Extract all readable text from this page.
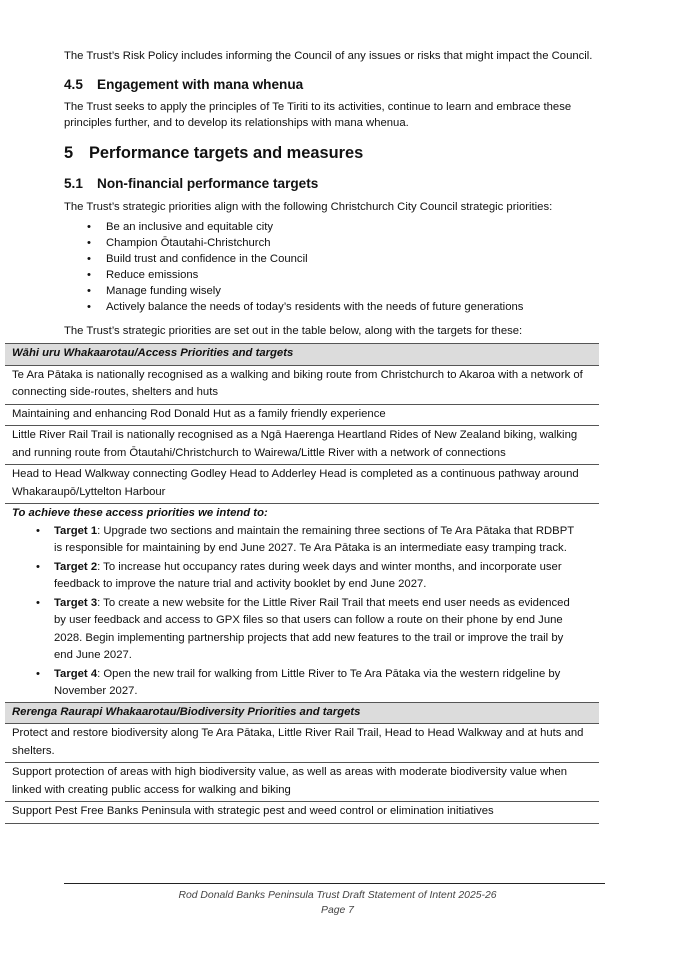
The Trust’s Risk Policy includes informing the Council of any issues or risks that might impact the Council.

4.5 Engagement with mana whenua

The Trust seeks to apply the principles of Te Tiriti to its activities, continue to learn and embrace these principles further, and to develop its relationships with mana whenua.

5 Performance targets and measures
5.1 Non-financial performance targets

The Trust’s strategic priorities align with the following Christchurch City Council strategic priorities:

• Be an inclusive and equitable city
• Champion Ōtautahi-Christchurch
• Build trust and confidence in the Council
• Reduce emissions
• Manage funding wisely
• Actively balance the needs of today’s residents with the needs of future generations

The Trust’s strategic priorities are set out in the table below, along with the targets for these:

Wāhi uru Whakaarotau/Access Priorities and targets
Te Ara Pātaka is nationally recognised as a walking and biking route from Christchurch to Akaroa with a network of connecting side-routes, shelters and huts
Maintaining and enhancing Rod Donald Hut as a family friendly experience
Little River Rail Trail is nationally recognised as a Ngā Haerenga Heartland Rides of New Zealand biking, walking and running route from Ōtautahi/Christchurch to Wairewa/Little River with a network of connections
Head to Head Walkway connecting Godley Head to Adderley Head is completed as a continuous pathway around Whakaraupō/Lyttelton Harbour
To achieve these access priorities we intend to:
• Target 1: Upgrade two sections and maintain the remaining three sections of Te Ara Pātaka that RDBPT is responsible for maintaining by end June 2027. Te Ara Pātaka is an intermediate easy tramping track.
• Target 2: To increase hut occupancy rates during week days and winter months, and incorporate user feedback to improve the nature trial and activity booklet by end June 2027.
• Target 3: To create a new website for the Little River Rail Trail that meets end user needs as evidenced by user feedback and access to GPX files so that users can follow a route on their phone by end June 2028. Begin implementing partnership projects that add new features to the trail or improve the trail by end June 2027.
• Target 4: Open the new trail for walking from Little River to Te Ara Pātaka via the western ridgeline by November 2027.
Rerenga Raurapi Whakaarotau/Biodiversity Priorities and targets
Protect and restore biodiversity along Te Ara Pātaka, Little River Rail Trail, Head to Head Walkway and at huts and shelters.
Support protection of areas with high biodiversity value, as well as areas with moderate biodiversity value when linked with creating public access for walking and biking
Support Pest Free Banks Peninsula with strategic pest and weed control or elimination initiatives
Rod Donald Banks Peninsula Trust Draft Statement of Intent 2025-26
Page 7
